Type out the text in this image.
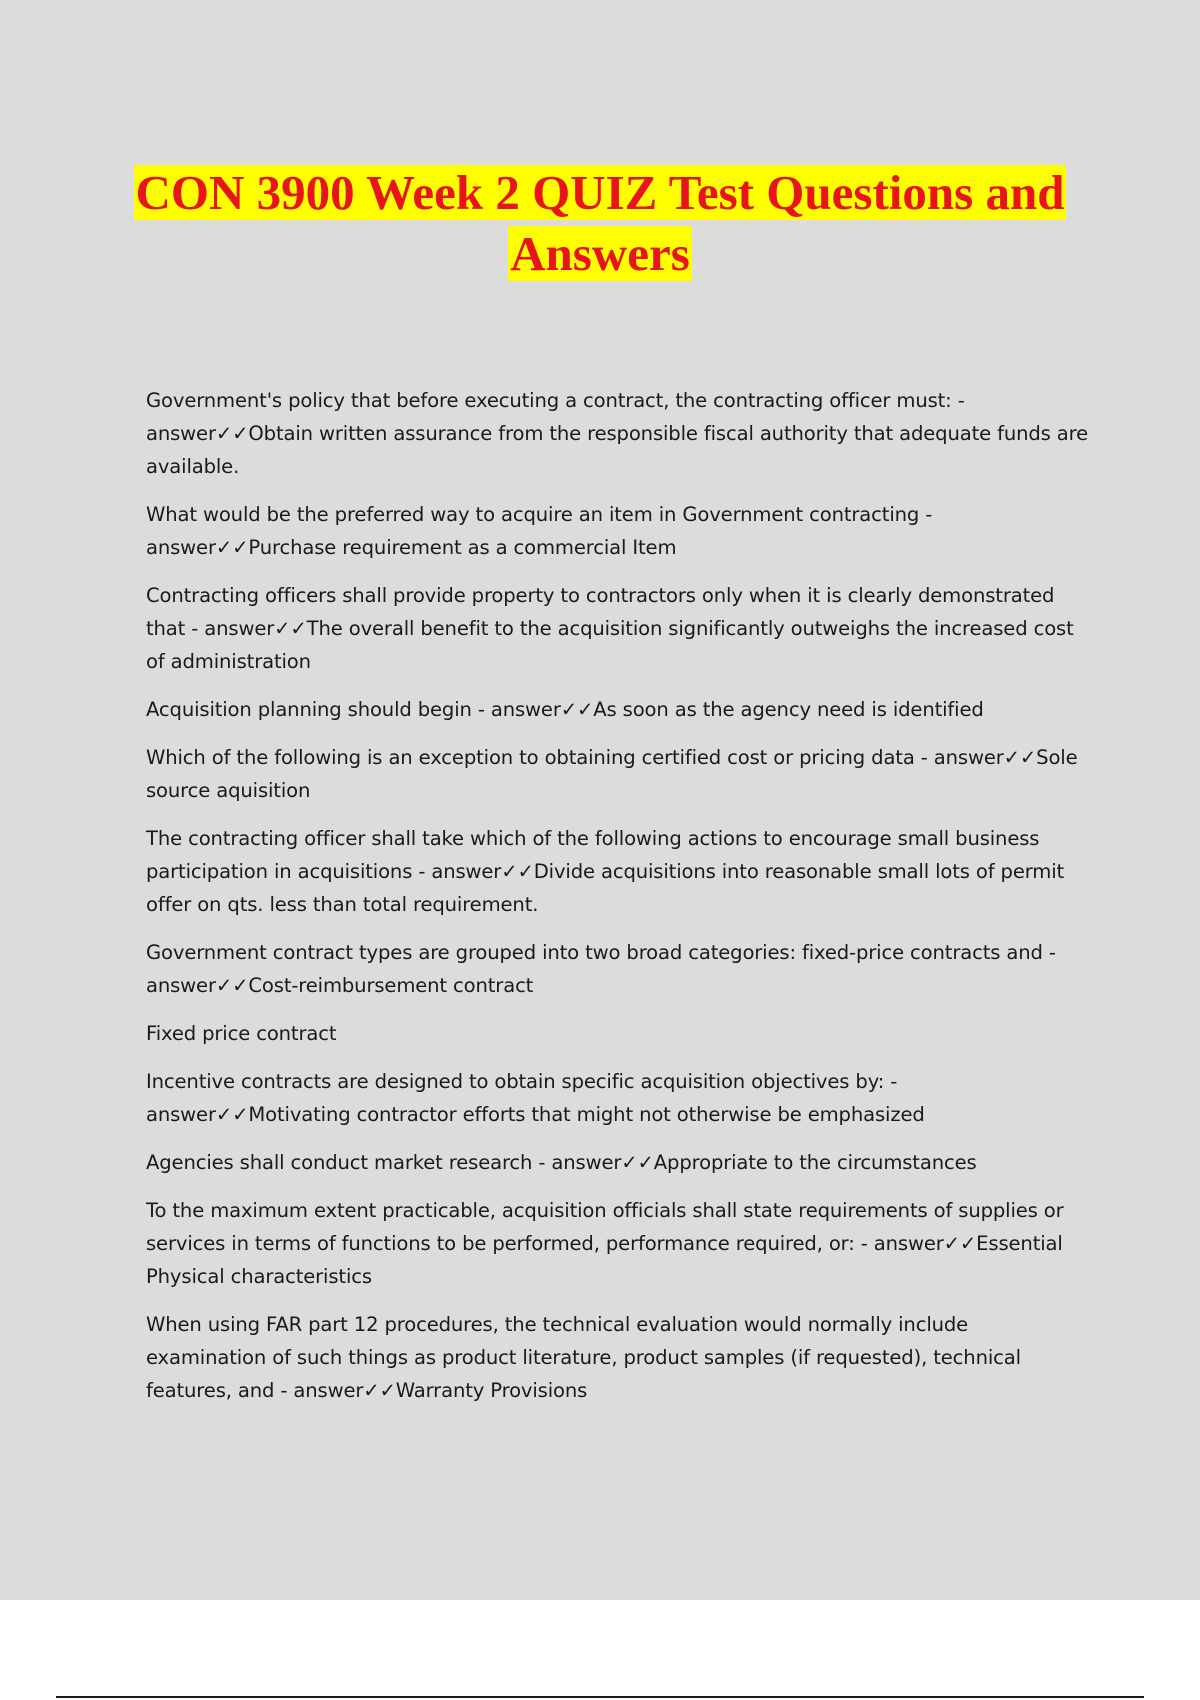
CON 3900 Week 2 QUIZ Test Questions and
Answers

Government's policy that before executing a contract, the contracting officer must: - answer✓✓Obtain written assurance from the responsible fiscal authority that adequate funds are available.

What would be the preferred way to acquire an item in Government contracting - answer✓✓Purchase requirement as a commercial Item

Contracting officers shall provide property to contractors only when it is clearly demonstrated that - answer✓✓The overall benefit to the acquisition significantly outweighs the increased cost of administration

Acquisition planning should begin - answer✓✓As soon as the agency need is identified

Which of the following is an exception to obtaining certified cost or pricing data - answer✓✓Sole source aquisition

The contracting officer shall take which of the following actions to encourage small business participation in acquisitions - answer✓✓Divide acquisitions into reasonable small lots of permit offer on qts. less than total requirement.

Government contract types are grouped into two broad categories: fixed-price contracts and - answer✓✓Cost-reimbursement contract

Fixed price contract

Incentive contracts are designed to obtain specific acquisition objectives by: - answer✓✓Motivating contractor efforts that might not otherwise be emphasized

Agencies shall conduct market research - answer✓✓Appropriate to the circumstances

To the maximum extent practicable, acquisition officials shall state requirements of supplies or services in terms of functions to be performed, performance required, or: - answer✓✓Essential Physical characteristics

When using FAR part 12 procedures, the technical evaluation would normally include examination of such things as product literature, product samples (if requested), technical features, and - answer✓✓Warranty Provisions
